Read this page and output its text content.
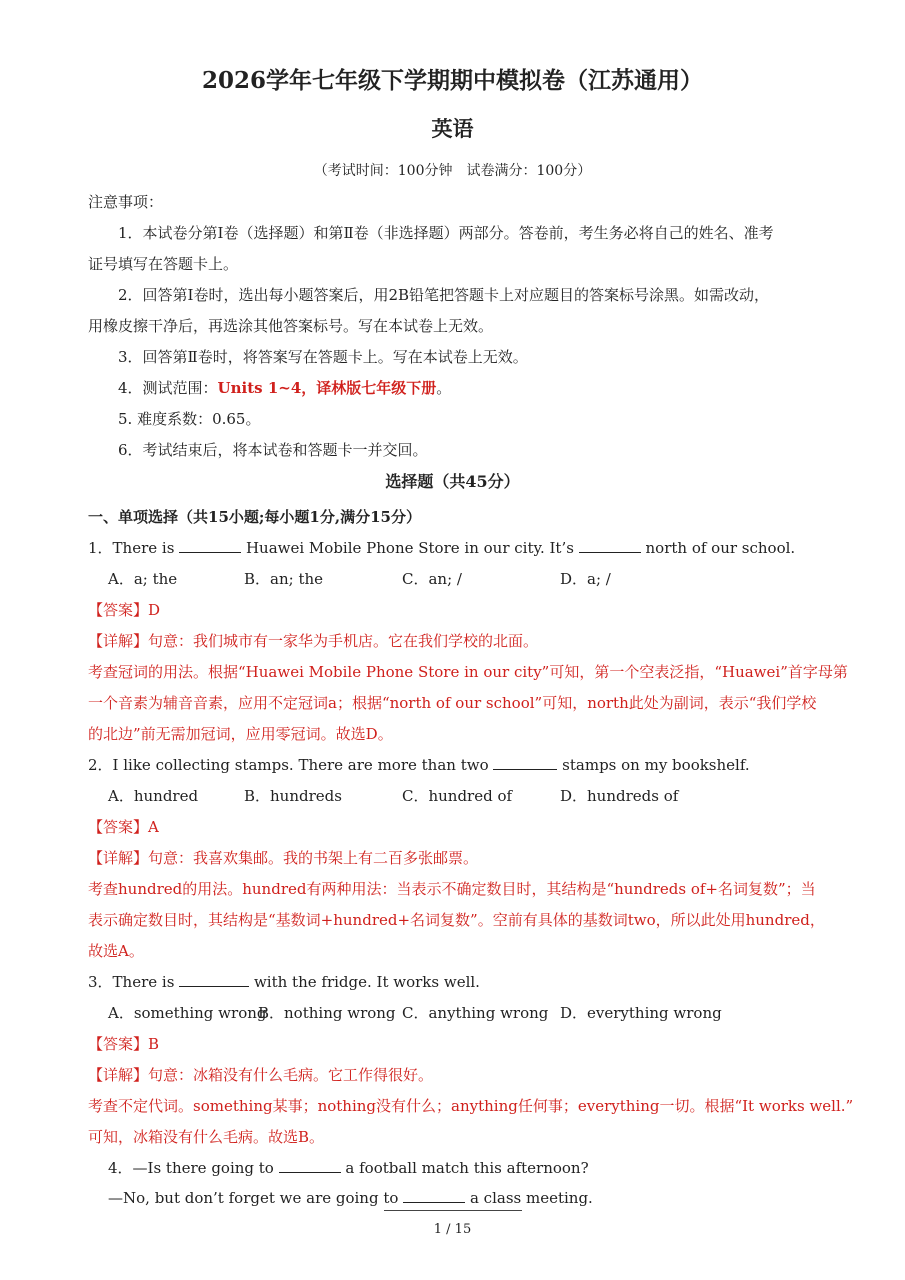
2026学年七年级下学期期中模拟卷（江苏通用）
英语
（考试时间：100分钟　试卷满分：100分）
注意事项：
1．本试卷分第Ⅰ卷（选择题）和第Ⅱ卷（非选择题）两部分。答卷前，考生务必将自己的姓名、准考
证号填写在答题卡上。
2．回答第Ⅰ卷时，选出每小题答案后，用2B铅笔把答题卡上对应题目的答案标号涂黑。如需改动，
用橡皮擦干净后，再选涂其他答案标号。写在本试卷上无效。
3．回答第Ⅱ卷时，将答案写在答题卡上。写在本试卷上无效。
4．测试范围：Units 1~4，译林版七年级下册。
5. 难度系数：0.65。
6．考试结束后，将本试卷和答题卡一并交回。
选择题（共45分）
一、单项选择（共15小题;每小题1分,满分15分）
1．There is	Huawei Mobile Phone Store in our city. It’s	north of our school.
A．a; the	B．an; the	C．an; /	D．a; /
【答案】D
【详解】句意：我们城市有一家华为手机店。它在我们学校的北面。
考查冠词的用法。根据“Huawei Mobile Phone Store in our city”可知，第一个空表泛指，“Huawei”首字母第
一个音素为辅音音素，应用不定冠词a；根据“north of our school”可知，north此处为副词，表示“我们学校
的北边”前无需加冠词，应用零冠词。故选D。
2．I like collecting stamps. There are more than two	stamps on my bookshelf.
A．hundred	B．hundreds	C．hundred of	D．hundreds of
【答案】A
【详解】句意：我喜欢集邮。我的书架上有二百多张邮票。
考查hundred的用法。hundred有两种用法：当表示不确定数目时，其结构是“hundreds of+名词复数”；当
表示确定数目时，其结构是“基数词+hundred+名词复数”。空前有具体的基数词two，所以此处用hundred，
故选A。
3．There is	with the fridge. It works well.
A．something wrong
B．nothing wrong C．anything wrong D．everything wrong
【答案】B
【详解】句意：冰箱没有什么毛病。它工作得很好。
考查不定代词。something某事；nothing没有什么；anything任何事；everything一切。根据“It works well.”
可知，冰箱没有什么毛病。故选B。
4．—Is there going to	a football match this afternoon?
—No, but don’t forget we are going to	a class meeting.
1 / 15
